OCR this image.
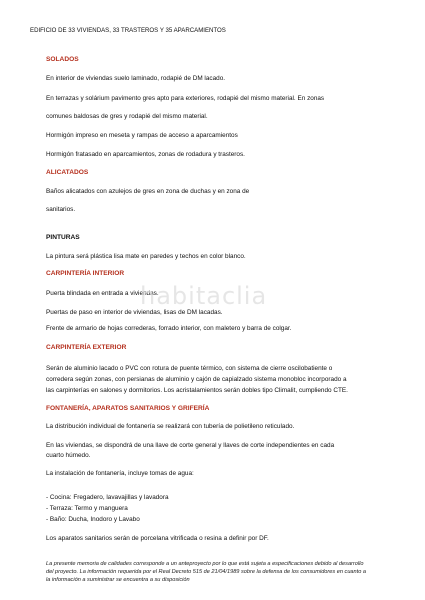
EDIFICIO DE 33 VIVIENDAS, 33 TRASTEROS Y 35 APARCAMIENTOS
SOLADOS
En interior de viviendas suelo laminado, rodapié de DM lacado.
En terrazas y solárium pavimento gres apto para exteriores, rodapié del mismo material. En zonas
comunes baldosas de gres y rodapié del mismo material.
Hormigón impreso en meseta y rampas de acceso a aparcamientos
Hormigón fratasado en aparcamientos, zonas de rodadura y trasteros.
ALICATADOS
Baños alicatados con azulejos de gres en zona de duchas y en zona de
sanitarios.
PINTURAS
La pintura será plástica lisa mate en paredes y techos en color blanco.
CARPINTERÍA INTERIOR
Puerta blindada en entrada a viviendas.
Puertas de paso en interior de viviendas, lisas de DM lacadas.
Frente de armario de hojas correderas, forrado interior, con maletero y barra de colgar.
CARPINTERÍA EXTERIOR
Serán de aluminio lacado o PVC con rotura de puente térmico, con sistema de cierre oscilobatiente o
corredera según zonas, con persianas de aluminio y cajón de capialzado sistema monobloc incorporado a
las carpinterías en salones y dormitorios. Los acristalamientos serán dobles tipo Climalit, cumpliendo CTE.
FONTANERÍA, APARATOS SANITARIOS Y GRIFERÍA
La distribución individual de fontanería se realizará con tubería de polietileno reticulado.
En las viviendas, se dispondrá de una llave de corte general y llaves de corte independientes en cada
cuarto húmedo.
La instalación de fontanería, incluye tomas de agua:
- Cocina: Fregadero, lavavajillas y lavadora
- Terraza: Termo y manguera
- Baño: Ducha, Inodoro y Lavabo
Los aparatos sanitarios serán de porcelana vitrificada o resina a definir por DF.
La presente memoria de calidades corresponde a un anteproyecto por lo que está sujeta a especificaciones debido al desarrollo
del proyecto. La información requerida por el Real Decreto 515 de 21/04/1989 sobre la defensa de los consumidores en cuanto a
la información a suministrar se encuentra a su disposición
habitaclia
